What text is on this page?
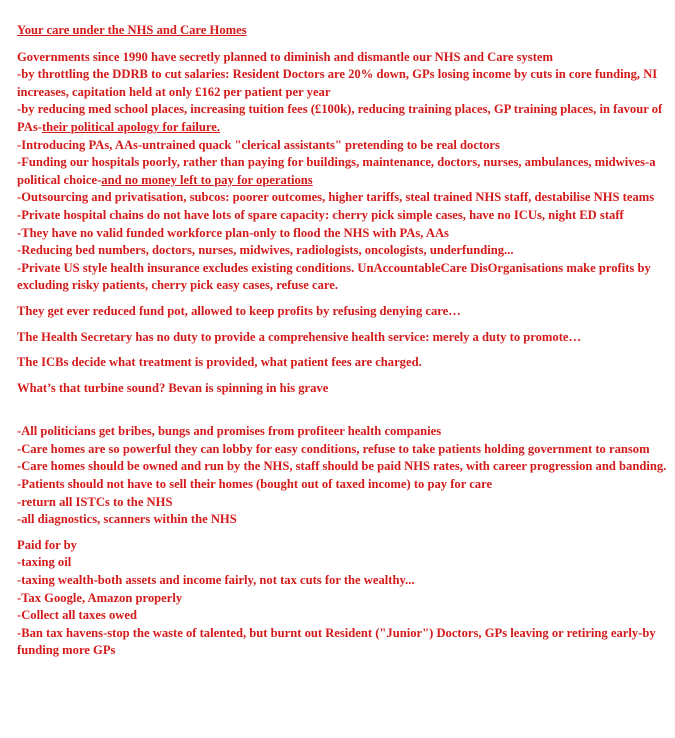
Your care under the NHS and Care Homes

Governments since 1990 have secretly planned to diminish and dismantle our NHS and Care system

-by throttling the DDRB to cut salaries: Resident Doctors are 20% down, GPs losing income by cuts in core funding, NI increases, capitation held at only £162 per patient per year

-by reducing med school places, increasing tuition fees (£100k), reducing training places, GP training places, in favour of PAs-their political apology for failure.

-Introducing PAs, AAs-untrained quack "clerical assistants" pretending to be real doctors

-Funding our hospitals poorly, rather than paying for buildings, maintenance, doctors, nurses, ambulances, midwives-a political choice-and no money left to pay for operations

-Outsourcing and privatisation, subcos: poorer outcomes, higher tariffs, steal trained NHS staff, destabilise NHS teams

-Private hospital chains do not have lots of spare capacity: cherry pick simple cases, have no ICUs, night ED staff

-They have no valid funded workforce plan-only to flood the NHS with PAs, AAs

-Reducing bed numbers, doctors, nurses, midwives, radiologists, oncologists, underfunding...

-Private US style health insurance excludes existing conditions. UnAccountableCare DisOrganisations make profits by excluding risky patients, cherry pick easy cases, refuse care.

They get ever reduced fund pot, allowed to keep profits by refusing denying care…

The Health Secretary has no duty to provide a comprehensive health service: merely a duty to promote…

The ICBs decide what treatment is provided, what patient fees are charged.

What’s that turbine sound? Bevan is spinning in his grave

-All politicians get bribes, bungs and promises from profiteer health companies

-Care homes are so powerful they can lobby for easy conditions, refuse to take patients holding government to ransom

-Care homes should be owned and run by the NHS, staff should be paid NHS rates, with career progression and banding.

-Patients should not have to sell their homes (bought out of taxed income) to pay for care

-return all ISTCs to the NHS

-all diagnostics, scanners within the NHS

Paid for by

-taxing oil

-taxing wealth-both assets and income fairly, not tax cuts for the wealthy...

-Tax Google, Amazon properly

-Collect all taxes owed

-Ban tax havens-stop the waste of talented, but burnt out Resident ("Junior") Doctors, GPs leaving or retiring early-by funding more GPs
